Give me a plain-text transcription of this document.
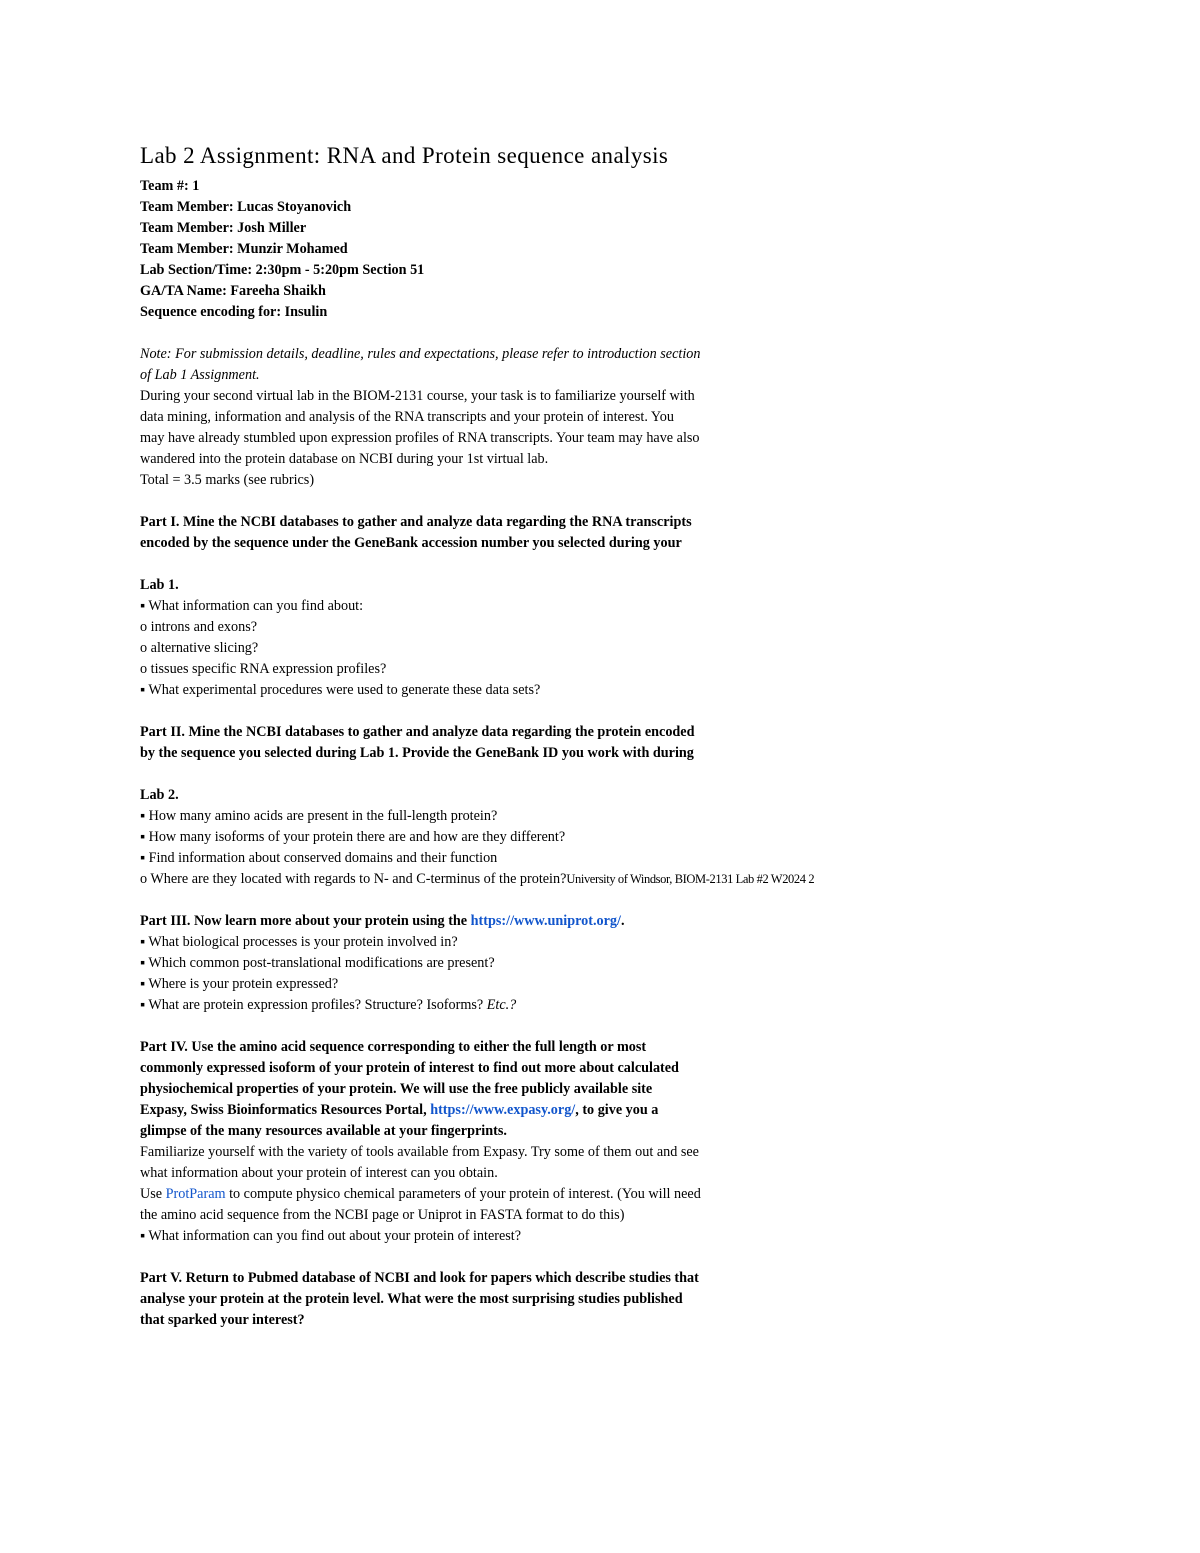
Lab 2 Assignment: RNA and Protein sequence analysis
Team #: 1
Team Member: Lucas Stoyanovich
Team Member: Josh Miller
Team Member: Munzir Mohamed
Lab Section/Time: 2:30pm - 5:20pm Section 51
GA/TA Name: Fareeha Shaikh
Sequence encoding for: Insulin
Note: For submission details, deadline, rules and expectations, please refer to introduction section
of Lab 1 Assignment.
During your second virtual lab in the BIOM-2131 course, your task is to familiarize yourself with
data mining, information and analysis of the RNA transcripts and your protein of interest. You
may have already stumbled upon expression profiles of RNA transcripts. Your team may have also
wandered into the protein database on NCBI during your 1st virtual lab.
Total = 3.5 marks (see rubrics)
Part I. Mine the NCBI databases to gather and analyze data regarding the RNA transcripts
encoded by the sequence under the GeneBank accession number you selected during your
Lab 1.
▪ What information can you find about:
o introns and exons?
o alternative slicing?
o tissues specific RNA expression profiles?
▪ What experimental procedures were used to generate these data sets?
Part II. Mine the NCBI databases to gather and analyze data regarding the protein encoded
by the sequence you selected during Lab 1. Provide the GeneBank ID you work with during
Lab 2.
▪ How many amino acids are present in the full-length protein?
▪ How many isoforms of your protein there are and how are they different?
▪ Find information about conserved domains and their function
o Where are they located with regards to N- and C-terminus of the protein?University of Windsor, BIOM-2131 Lab #2 W2024 2
Part III. Now learn more about your protein using the https://www.uniprot.org/.
▪ What biological processes is your protein involved in?
▪ Which common post-translational modifications are present?
▪ Where is your protein expressed?
▪ What are protein expression profiles? Structure? Isoforms? Etc.?
Part IV. Use the amino acid sequence corresponding to either the full length or most
commonly expressed isoform of your protein of interest to find out more about calculated
physiochemical properties of your protein. We will use the free publicly available site
Expasy, Swiss Bioinformatics Resources Portal, https://www.expasy.org/, to give you a
glimpse of the many resources available at your fingerprints.
Familiarize yourself with the variety of tools available from Expasy. Try some of them out and see
what information about your protein of interest can you obtain.
Use ProtParam to compute physico chemical parameters of your protein of interest. (You will need
the amino acid sequence from the NCBI page or Uniprot in FASTA format to do this)
▪ What information can you find out about your protein of interest?
Part V. Return to Pubmed database of NCBI and look for papers which describe studies that
analyse your protein at the protein level. What were the most surprising studies published
that sparked your interest?
